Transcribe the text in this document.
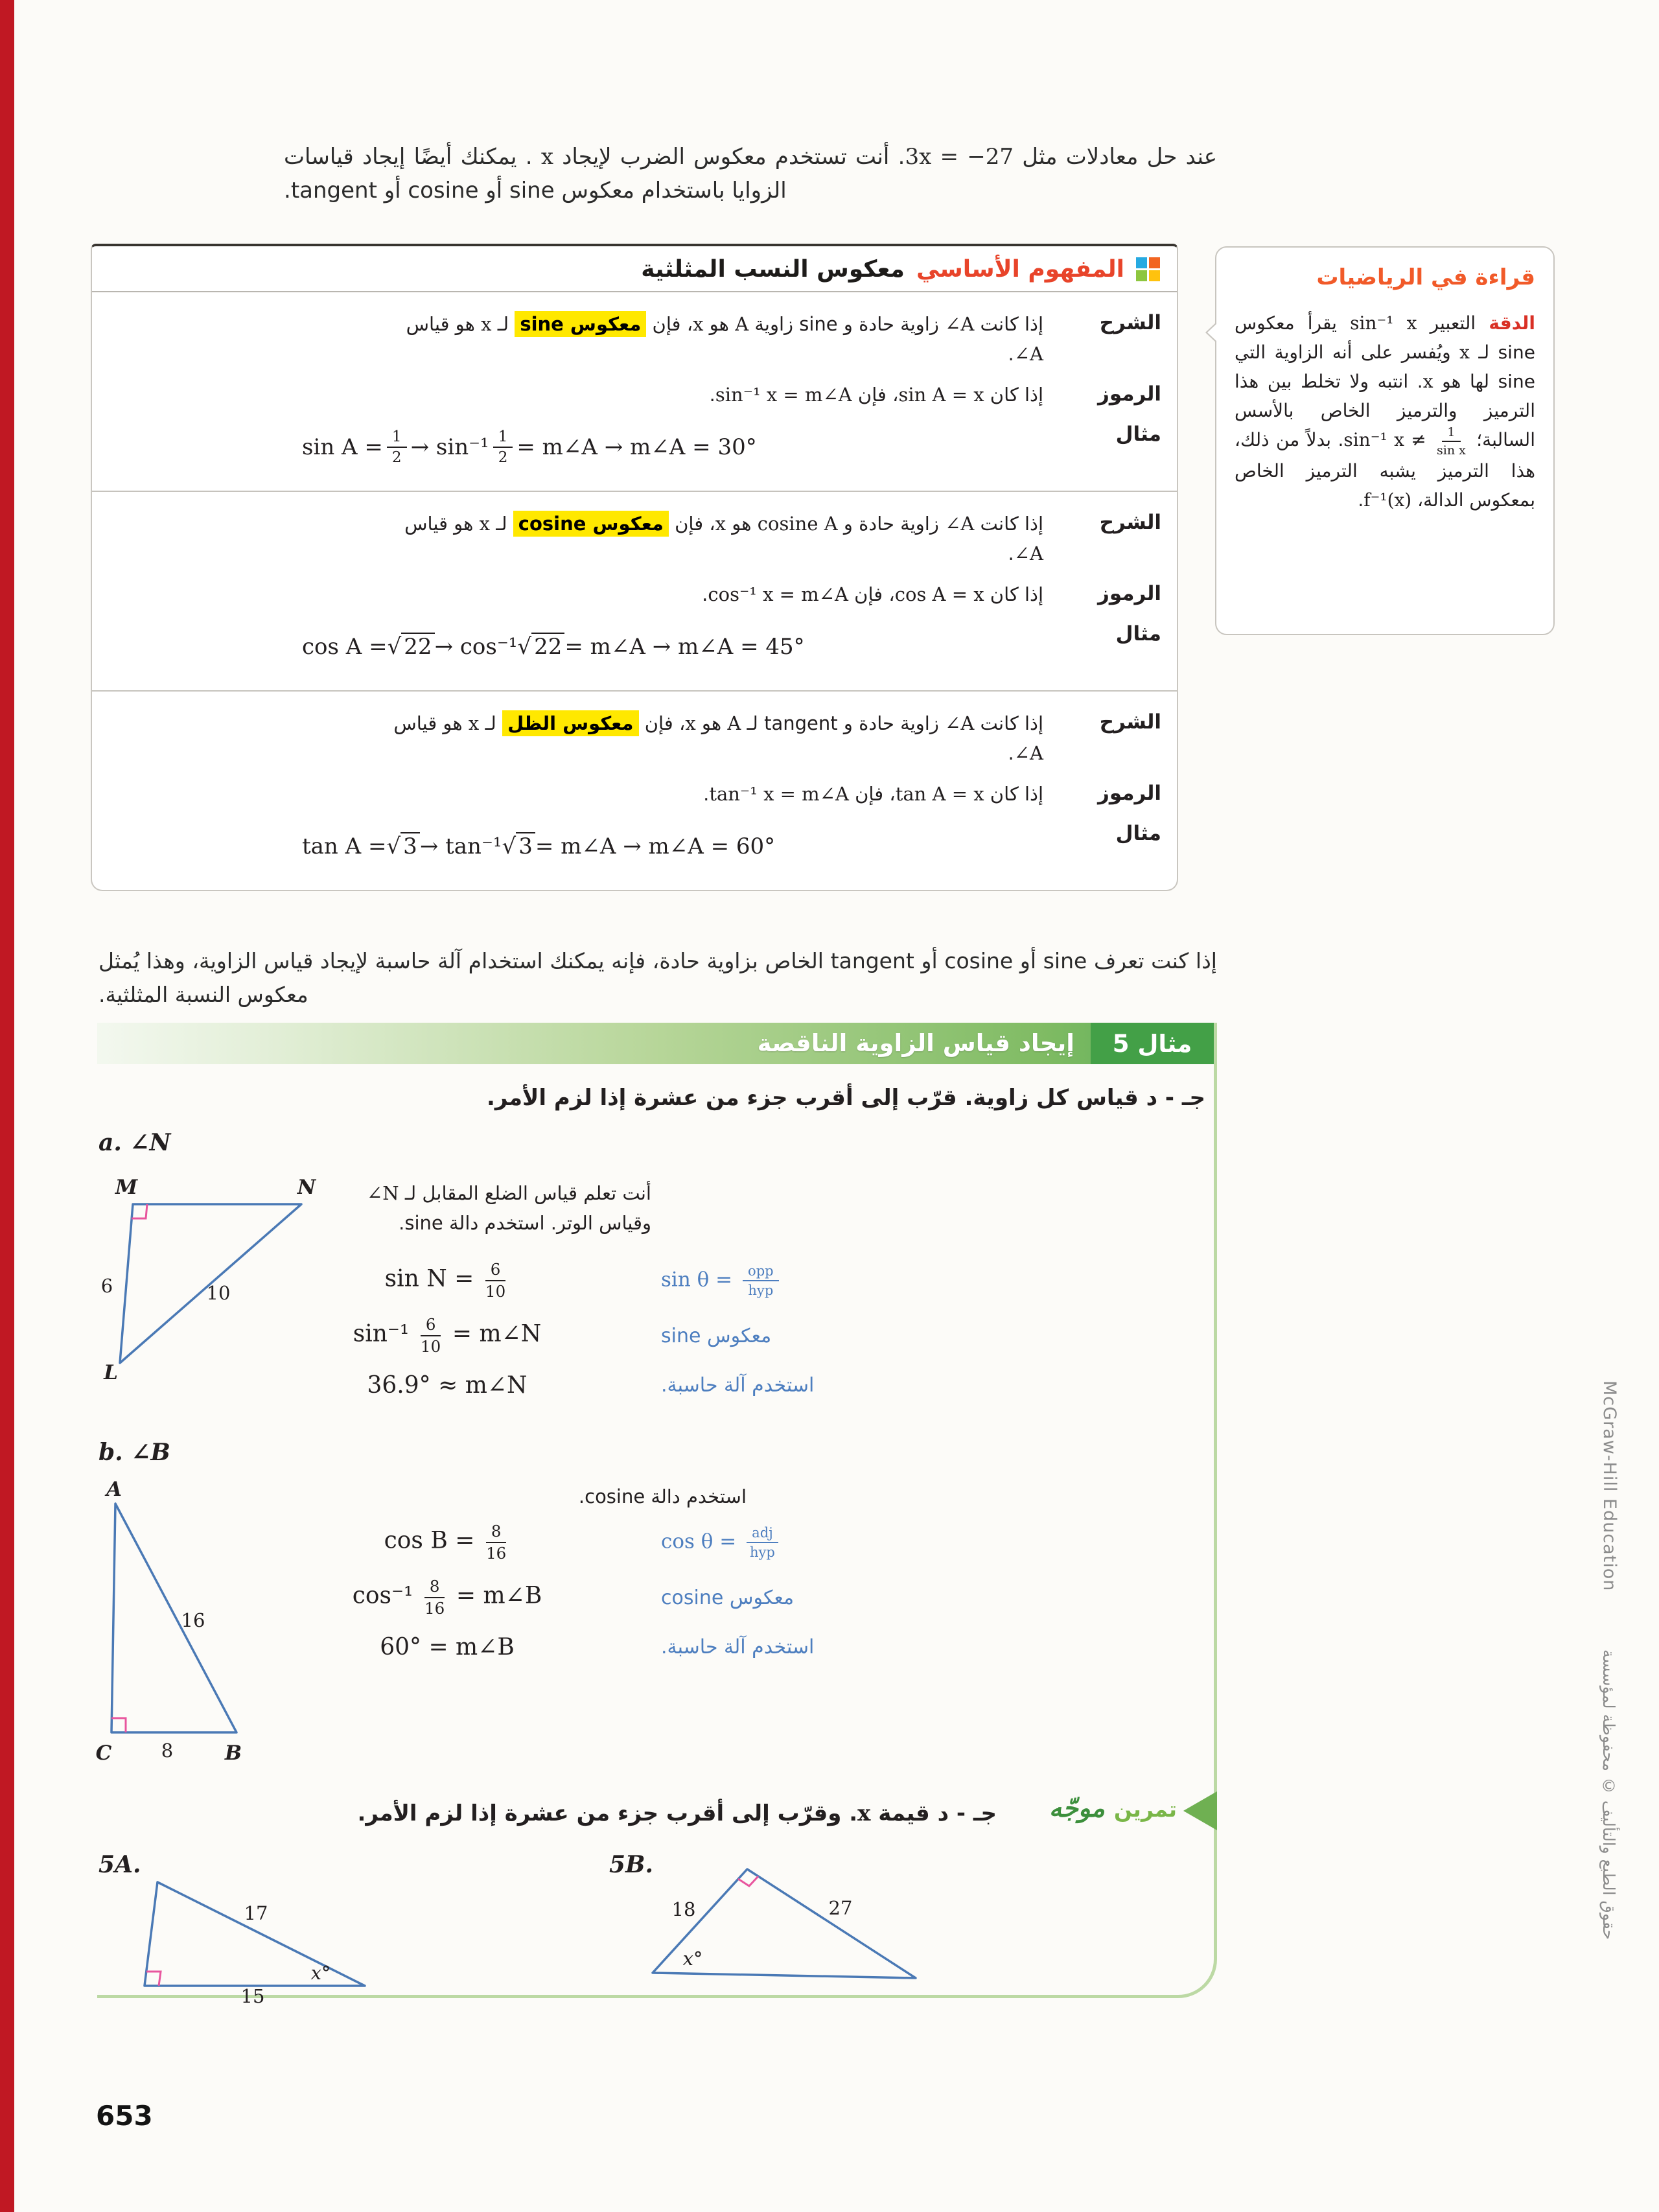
عند حل معادلات مثل 3x = −27. أنت تستخدم معكوس الضرب لإيجاد x . يمكنك أيضًا إيجاد قياسات الزوايا باستخدام معكوس sine أو cosine أو tangent.

المفهوم الأساسي
معكوس النسب المثلثية
الشرح
إذا كانت ∠A زاوية حادة و sine زاوية A هو x، فإن معكوس sine لـ x هو قياس ∠A.
الرموز
إذا كان sin A = x، فإن sin⁻¹ x = m∠A.
مثال
sin A = 1
2 → sin⁻¹ 1
2 = m∠A → m∠A = 30°
الشرح
إذا كانت ∠A زاوية حادة و cosine A هو x، فإن معكوس cosine لـ x هو قياس ∠A.
الرموز
إذا كان cos A = x، فإن cos⁻¹ x = m∠A.
مثال
cos A = √ 22 → cos⁻¹ √ 22 = m∠A → m∠A = 45°
الشرح
إذا كانت ∠A زاوية حادة و tangent لـ A هو x، فإن معكوس الظل لـ x هو قياس ∠A.
الرموز
إذا كان tan A = x، فإن tan⁻¹ x = m∠A.
مثال
tan A = √ 3 → tan⁻¹ √ 3 = m∠A → m∠A = 60°
قراءة في الرياضيات

الدقة التعبير sin⁻¹ x يقرأ معكوس sine لـ x ويُفسر على أنه الزاوية التي sine لها هو x. انتبه ولا تخلط بين هذا الترميز والترميز الخاص بالأسس السالبة؛ sin⁻¹ $x \ne \frac{1}{\text{sin x}}$
. بدلاً من ذلك، هذا الترميز يشبه الترميز الخاص بمعكوس الدالة، f⁻¹(x).

إذا كنت تعرف sine أو cosine أو tangent الخاص بزاوية حادة، فإنه يمكنك استخدام آلة حاسبة لإيجاد قياس الزاوية، وهذا يُمثل معكوس النسبة المثلثية.

إيجاد قياس الزاوية الناقصة	مثال 5
جـ - د قياس كل زاوية. قرّب إلى أقرب جزء من عشرة إذا لزم الأمر.
a. ∠N
M	N
L
6	10
أنت تعلم قياس الضلع المقابل لـ ∠N وقياس الوتر. استخدم دالة sine.
$\sin N = \frac{6}{10}$	sin θ = opp
hyp
$\sin^{-1} \frac{6}{10}$ = m∠N	معكوس sine
36.9° ≈ m∠N	استخدم آلة حاسبة.
b. ∠B
A
C	B
16
8
استخدم دالة cosine.
$\cos B = \frac{8}{16}$	cos θ = adj
hyp
$\cos^{-1} \frac{8}{16}$ = m∠B	معكوس cosine
60° = m∠B	استخدم آلة حاسبة.
تمرين
موجّه
جـ - د قيمة x. وقرّب إلى أقرب جزء من عشرة إذا لزم الأمر.
5A.
17
15
x°
5B.
18	27
x°
653
McGraw-Hill Education
حقوق الطبع والتأليف © محفوظة لمؤسسة
